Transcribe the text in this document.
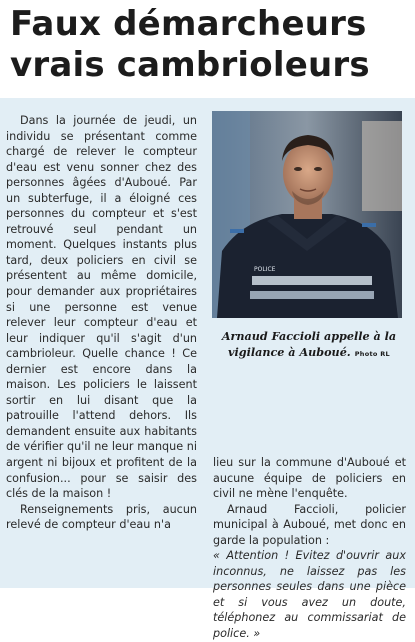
Faux démarcheurs
vrais cambrioleurs

Dans la journée de jeudi, un individu se présentant comme chargé de relever le compteur d'eau est venu sonner chez des personnes âgées d'Auboué. Par un subterfuge, il a éloigné ces personnes du compteur et s'est retrouvé seul pendant un moment. Quelques instants plus tard, deux policiers en civil se présentent au même domicile, pour demander aux propriétaires si une personne est venue relever leur compteur d'eau et leur indiquer qu'il s'agit d'un cambrioleur. Quelle chance ! Ce dernier est encore dans la maison. Les policiers le laissent sortir en lui disant que la patrouille l'attend dehors. Ils demandent ensuite aux habitants de vérifier qu'il ne leur manque ni argent ni bijoux et profitent de la confusion... pour se saisir des clés de la maison !

Renseignements pris, aucun relevé de compteur d'eau n'a

POLICE
Arnaud Faccioli appelle à la vigilance à Auboué. Photo RL

lieu sur la commune d'Auboué et aucune équipe de policiers en civil ne mène l'enquête.

Arnaud Faccioli, policier municipal à Auboué, met donc en garde la population :

« Attention ! Evitez d'ouvrir aux inconnus, ne laissez pas les personnes seules dans une pièce et si vous avez un doute, téléphonez au commissariat de police. »
